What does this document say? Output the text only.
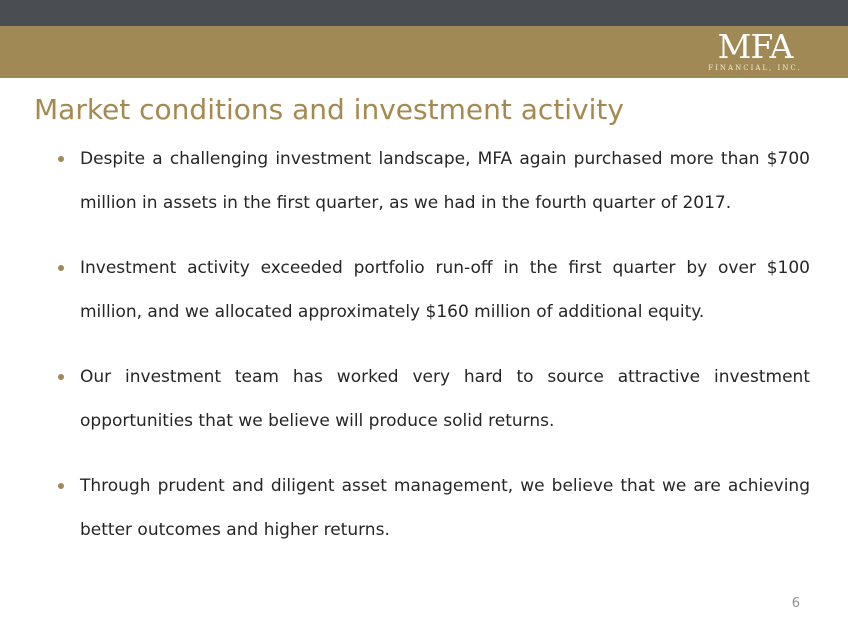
MFA
FINANCIAL, INC.
Market conditions and investment activity
Despite a challenging investment landscape, MFA again purchased more than $700 million in assets in the first quarter, as we had in the fourth quarter of 2017.
Investment activity exceeded portfolio run-off in the first quarter by over $100 million, and we allocated approximately $160 million of additional equity.
Our investment team has worked very hard to source attractive investment opportunities that we believe will produce solid returns.
Through prudent and diligent asset management, we believe that we are achieving better outcomes and higher returns.
6
